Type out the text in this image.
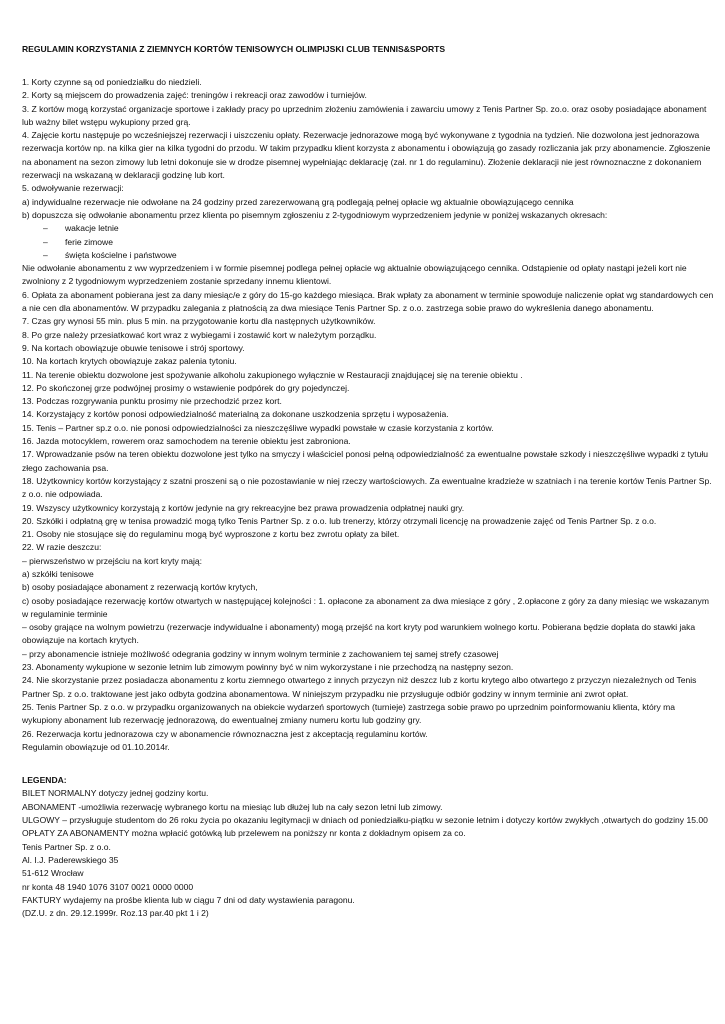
REGULAMIN KORZYSTANIA Z ZIEMNYCH KORTÓW TENISOWYCH OLIMPIJSKI CLUB TENNIS&SPORTS
1. Korty czynne są od poniedziałku do niedzieli.
2. Korty są miejscem do prowadzenia zajęć: treningów i rekreacji oraz zawodów i turniejów.
3. Z kortów mogą korzystać organizacje sportowe i zakłady pracy po uprzednim złożeniu zamówienia i zawarciu umowy z Tenis Partner Sp. zo.o. oraz osoby posiadające abonament
lub ważny bilet wstępu wykupiony przed grą.
4. Zajęcie kortu następuje po wcześniejszej rezerwacji i uiszczeniu opłaty. Rezerwacje jednorazowe mogą być wykonywane z tygodnia na tydzień. Nie dozwolona jest jednorazowa
rezerwacja kortów np. na kilka gier na kilka tygodni do przodu. W takim przypadku klient korzysta z abonamentu i obowiązują go zasady rozliczania jak przy abonamencie. Zgłoszenie
na abonament na sezon zimowy lub letni dokonuje sie w drodze pisemnej wypełniając deklarację (zał. nr 1 do regulaminu). Złożenie deklaracji nie jest równoznaczne z dokonaniem
rezerwacji na wskazaną w deklaracji godzinę lub kort.
5. odwoływanie rezerwacji:
a) indywidualne rezerwacje nie odwołane na 24 godziny przed zarezerwowaną grą podlegają pełnej opłacie wg aktualnie obowiązującego cennika
b) dopuszcza się odwołanie abonamentu przez klienta po pisemnym zgłoszeniu z 2-tygodniowym wyprzedzeniem jedynie w poniżej wskazanych okresach:
– wakacje letnie
– ferie zimowe
– święta kościelne i państwowe
Nie odwołanie abonamentu z ww wyprzedzeniem i w formie pisemnej podlega pełnej opłacie wg aktualnie obowiązującego cennika. Odstąpienie od opłaty nastąpi jeżeli kort nie
zwolniony z 2 tygodniowym wyprzedzeniem zostanie sprzedany innemu klientowi.
6. Opłata za abonament pobierana jest za dany miesiąc/e z góry do 15-go każdego miesiąca. Brak wpłaty za abonament w terminie spowoduje naliczenie opłat wg standardowych cen
a nie cen dla abonamentów. W przypadku zalegania z płatnością za dwa miesiące Tenis Partner Sp. z o.o. zastrzega sobie prawo do wykreślenia danego abonamentu.
7. Czas gry wynosi 55 min. plus 5 min. na przygotowanie kortu dla następnych użytkowników.
8. Po grze należy przesiatkować kort wraz z wybiegami i zostawić kort w należytym porządku.
9. Na kortach obowiązuje obuwie tenisowe i strój sportowy.
10. Na kortach krytych obowiązuje zakaz palenia tytoniu.
11. Na terenie obiektu dozwolone jest spożywanie alkoholu zakupionego wyłącznie w Restauracji znajdującej się na terenie obiektu .
12. Po skończonej grze podwójnej prosimy o wstawienie podpórek do gry pojedynczej.
13. Podczas rozgrywania punktu prosimy nie przechodzić przez kort.
14. Korzystający z kortów ponosi odpowiedzialność materialną za dokonane uszkodzenia sprzętu i wyposażenia.
15. Tenis – Partner sp.z o.o. nie ponosi odpowiedzialności za nieszczęśliwe wypadki powstałe w czasie korzystania z kortów.
16. Jazda motocyklem, rowerem oraz samochodem na terenie obiektu jest zabroniona.
17. Wprowadzanie psów na teren obiektu dozwolone jest tylko na smyczy i właściciel ponosi pełną odpowiedzialność za ewentualne powstałe szkody i nieszczęśliwe wypadki z tytułu
złego zachowania psa.
18. Użytkownicy kortów korzystający z szatni proszeni są o nie pozostawianie w niej rzeczy wartościowych. Za ewentualne kradzieże w szatniach i na terenie kortów Tenis Partner Sp.
z o.o. nie odpowiada.
19. Wszyscy użytkownicy korzystają z kortów jedynie na gry rekreacyjne bez prawa prowadzenia odpłatnej nauki gry.
20. Szkółki i odpłatną grę w tenisa prowadzić mogą tylko Tenis Partner Sp. z o.o. lub trenerzy, którzy otrzymali licencję na prowadzenie zajęć od Tenis Partner Sp. z o.o.
21. Osoby nie stosujące się do regulaminu mogą być wyproszone z kortu bez zwrotu opłaty za bilet.
22. W razie deszczu:
– pierwszeństwo w przejściu na kort kryty mają:
a) szkółki tenisowe
b) osoby posiadające abonament z rezerwacją kortów krytych,
c) osoby posiadające rezerwację kortów otwartych w następującej kolejności : 1. opłacone za abonament za dwa miesiące z góry , 2.opłacone z góry za dany miesiąc we wskazanym
w regulaminie terminie
– osoby grające na wolnym powietrzu (rezerwacje indywidualne i abonamenty) mogą przejść na kort kryty pod warunkiem wolnego kortu. Pobierana będzie dopłata do stawki jaka
obowiązuje na kortach krytych.
– przy abonamencie istnieje możliwość odegrania godziny w innym wolnym terminie z zachowaniem tej samej strefy czasowej
23. Abonamenty wykupione w sezonie letnim lub zimowym powinny być w nim wykorzystane i nie przechodzą na następny sezon.
24. Nie skorzystanie przez posiadacza abonamentu z kortu ziemnego otwartego z innych przyczyn niż deszcz lub z kortu krytego albo otwartego z przyczyn niezależnych od Tenis
Partner Sp. z o.o. traktowane jest jako odbyta godzina abonamentowa. W niniejszym przypadku nie przysługuje odbiór godziny w innym terminie ani zwrot opłat.
25. Tenis Partner Sp. z o.o. w przypadku organizowanych na obiekcie wydarzeń sportowych (turnieje) zastrzega sobie prawo po uprzednim poinformowaniu klienta, który ma
wykupiony abonament lub rezerwację jednorazową, do ewentualnej zmiany numeru kortu lub godziny gry.
26. Rezerwacja kortu jednorazowa czy w abonamencie równoznaczna jest z akceptacją regulaminu kortów.
Regulamin obowiązuje od 01.10.2014r.
LEGENDA:
BILET NORMALNY dotyczy jednej godziny kortu.
ABONAMENT -umożliwia rezerwację wybranego kortu na miesiąc lub dłużej lub na cały sezon letni lub zimowy.
ULGOWY – przysługuje studentom do 26 roku życia po okazaniu legitymacji w dniach od poniedziałku-piątku w sezonie letnim i dotyczy kortów zwykłych ,otwartych do godziny 15.00
OPŁATY ZA ABONAMENTY można wpłacić gotówką lub przelewem na poniższy nr konta z dokładnym opisem za co.
Tenis Partner Sp. z o.o.
Al. I.J. Paderewskiego 35
51-612 Wrocław
nr konta 48 1940 1076 3107 0021 0000 0000
FAKTURY wydajemy na prośbe klienta lub w ciągu 7 dni od daty wystawienia paragonu.
(DZ.U. z dn. 29.12.1999r. Roz.13 par.40 pkt 1 i 2)
